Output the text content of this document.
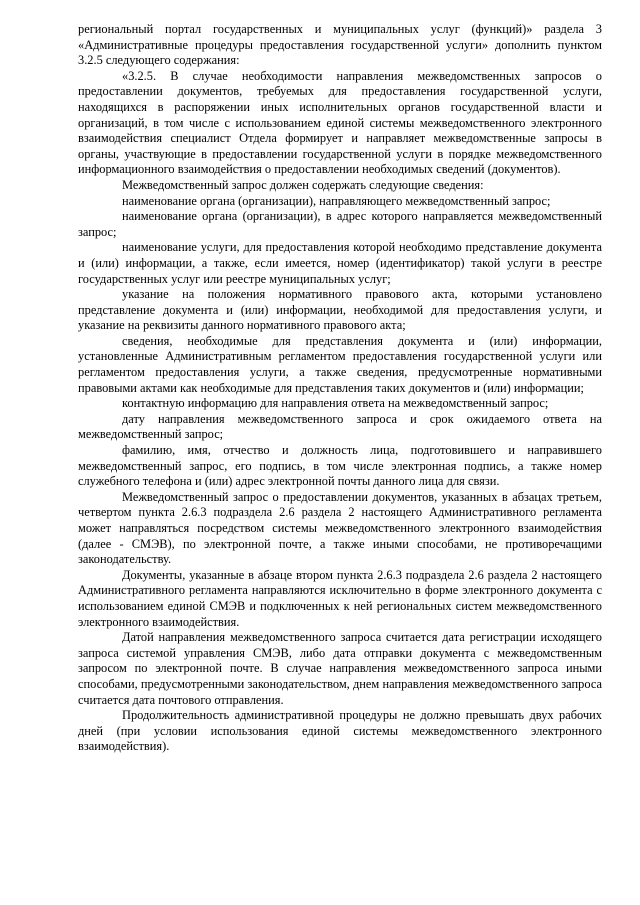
региональный портал государственных и муниципальных услуг (функций)» раздела 3 «Административные процедуры предоставления государственной услуги» дополнить пунктом 3.2.5 следующего содержания:

«3.2.5. В случае необходимости направления межведомственных запросов о предоставлении документов, требуемых для предоставления государственной услуги, находящихся в распоряжении иных исполнительных органов государственной власти и организаций, в том числе с использованием единой системы межведомственного электронного взаимодействия специалист Отдела формирует и направляет межведомственные запросы в органы, участвующие в предоставлении государственной услуги в порядке межведомственного информационного взаимодействия о предоставлении необходимых сведений (документов).

Межведомственный запрос должен содержать следующие сведения:

наименование органа (организации), направляющего межведомственный запрос;

наименование органа (организации), в адрес которого направляется межведомственный запрос;

наименование услуги, для предоставления которой необходимо представление документа и (или) информации, а также, если имеется, номер (идентификатор) такой услуги в реестре государственных услуг или реестре муниципальных услуг;

указание на положения нормативного правового акта, которыми установлено представление документа и (или) информации, необходимой для предоставления услуги, и указание на реквизиты данного нормативного правового акта;

сведения, необходимые для представления документа и (или) информации, установленные Административным регламентом предоставления государственной услуги или регламентом предоставления услуги, а также сведения, предусмотренные нормативными правовыми актами как необходимые для представления таких документов и (или) информации;

контактную информацию для направления ответа на межведомственный запрос;

дату направления межведомственного запроса и срок ожидаемого ответа на межведомственный запрос;

фамилию, имя, отчество и должность лица, подготовившего и направившего межведомственный запрос, его подпись, в том числе электронная подпись, а также номер служебного телефона и (или) адрес электронной почты данного лица для связи.

Межведомственный запрос о предоставлении документов, указанных в абзацах третьем, четвертом пункта 2.6.3 подраздела 2.6 раздела 2 настоящего Административного регламента может направляться посредством системы межведомственного электронного взаимодействия (далее - СМЭВ), по электронной почте, а также иными способами, не противоречащими законодательству.

Документы, указанные в абзаце втором пункта 2.6.3 подраздела 2.6 раздела 2 настоящего Административного регламента направляются исключительно в форме электронного документа с использованием единой СМЭВ и подключенных к ней региональных систем межведомственного электронного взаимодействия.

Датой направления межведомственного запроса считается дата регистрации исходящего запроса системой управления СМЭВ, либо дата отправки документа с межведомственным запросом по электронной почте. В случае направления межведомственного запроса иными способами, предусмотренными законодательством, днем направления межведомственного запроса считается дата почтового отправления.

Продолжительность административной процедуры не должно превышать двух рабочих дней (при условии использования единой системы межведомственного электронного взаимодействия).
